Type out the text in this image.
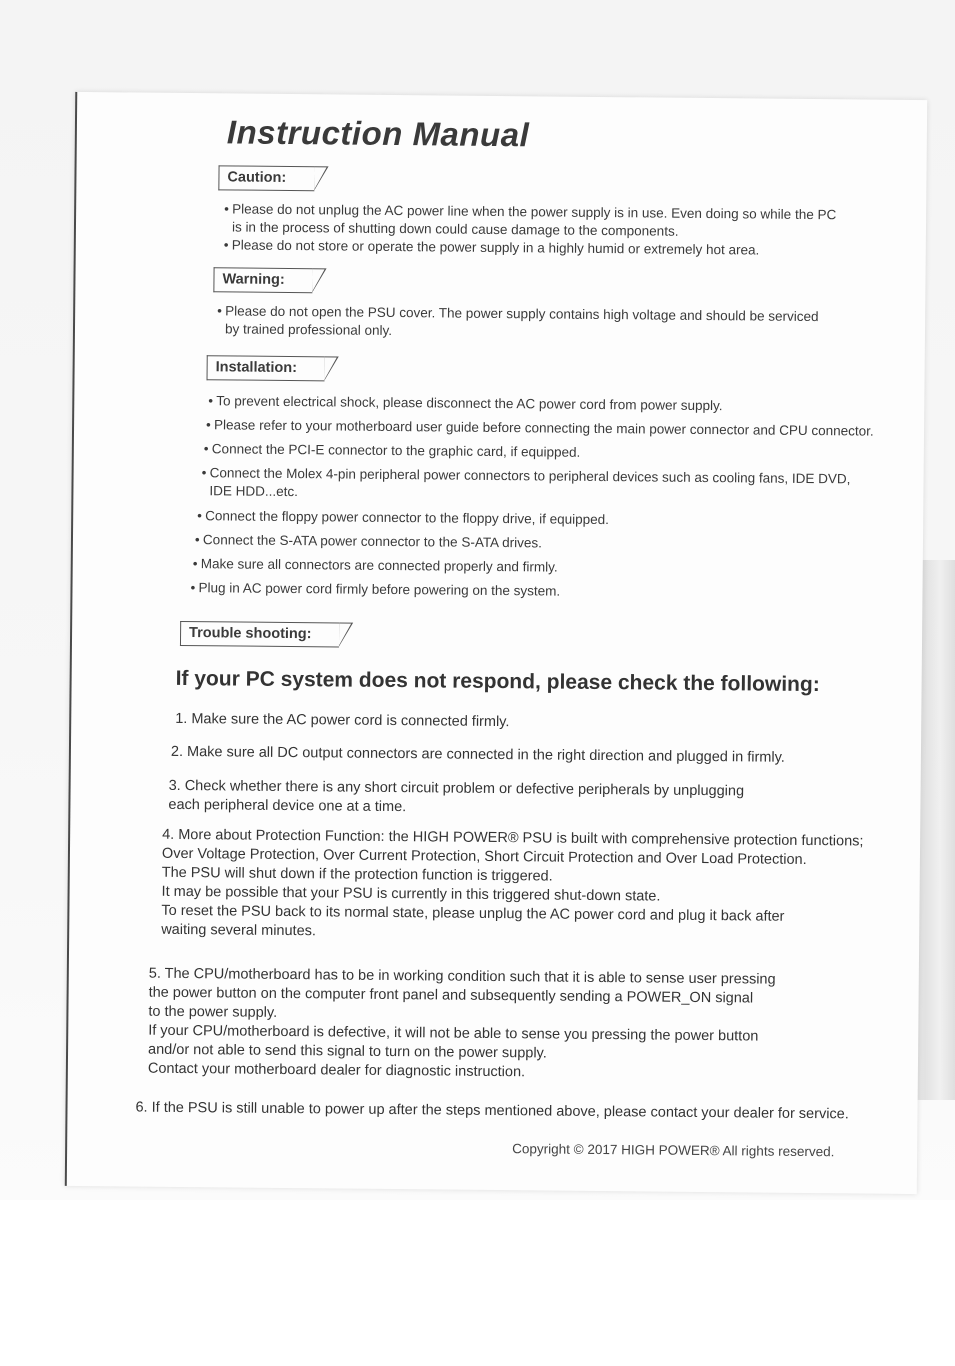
Instruction Manual
Caution:
• Please do not unplug the AC power line when the power supply is in use. Even doing so while the PC
is in the process of shutting down could cause damage to the components.
• Please do not store or operate the power supply in a highly humid or extremely hot area.
Warning:
• Please do not open the PSU cover. The power supply contains high voltage and should be serviced
by trained professional only.
Installation:
• To prevent electrical shock, please disconnect the AC power cord from power supply.
• Please refer to your motherboard user guide before connecting the main power connector and CPU connector.
• Connect the PCI-E connector to the graphic card, if equipped.
• Connect the Molex 4-pin peripheral power connectors to peripheral devices such as cooling fans, IDE DVD,
IDE HDD...etc.
• Connect the floppy power connector to the floppy drive, if equipped.
• Connect the S-ATA power connector to the S-ATA drives.
• Make sure all connectors are connected properly and firmly.
• Plug in AC power cord firmly before powering on the system.
Trouble shooting:
If your PC system does not respond, please check the following:
1. Make sure the AC power cord is connected firmly.
2. Make sure all DC output connectors are connected in the right direction and plugged in firmly.
3. Check whether there is any short circuit problem or defective peripherals by unplugging
each peripheral device one at a time.
4. More about Protection Function: the HIGH POWER® PSU is built with comprehensive protection functions;
Over Voltage Protection, Over Current Protection, Short Circuit Protection and Over Load Protection.
The PSU will shut down if the protection function is triggered.
It may be possible that your PSU is currently in this triggered shut-down state.
To reset the PSU back to its normal state, please unplug the AC power cord and plug it back after
waiting several minutes.
5. The CPU/motherboard has to be in working condition such that it is able to sense user pressing
the power button on the computer front panel and subsequently sending a POWER_ON signal
to the power supply.
If your CPU/motherboard is defective, it will not be able to sense you pressing the power button
and/or not able to send this signal to turn on the power supply.
Contact your motherboard dealer for diagnostic instruction.
6. If the PSU is still unable to power up after the steps mentioned above, please contact your dealer for service.
Copyright © 2017 HIGH POWER® All rights reserved.
